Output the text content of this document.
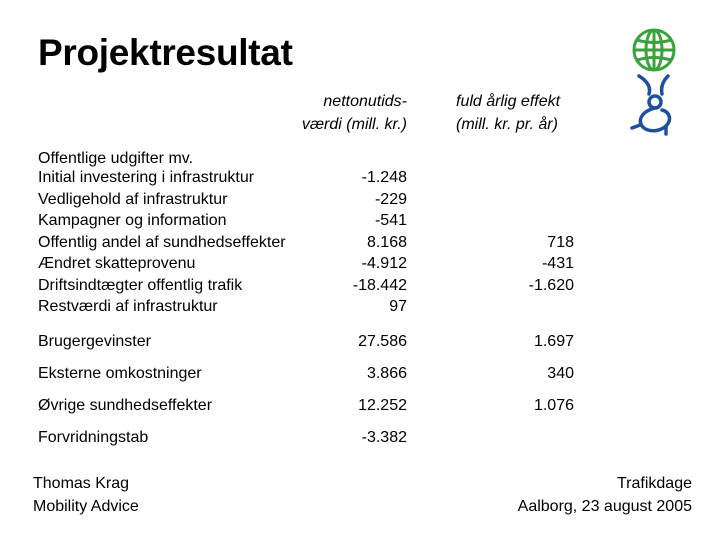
Projektresultat
nettonutids-
værdi (mill. kr.)
fuld årlig effekt
(mill. kr. pr. år)
Offentlige udgifter mv.
Initial investering i infrastruktur	-1.248
Vedligehold af infrastruktur	-229
Kampagner og information	-541
Offentlig andel af sundhedseffekter	8.168	718
Ændret skatteprovenu	-4.912	-431
Driftsindtægter offentlig trafik	-18.442	-1.620
Restværdi af infrastruktur	97
Brugergevinster	27.586	1.697
Eksterne omkostninger	3.866	340
Øvrige sundhedseffekter	12.252	1.076
Forvridningstab	-3.382
Thomas Krag
Mobility Advice
Trafikdage
Aalborg, 23 august 2005
